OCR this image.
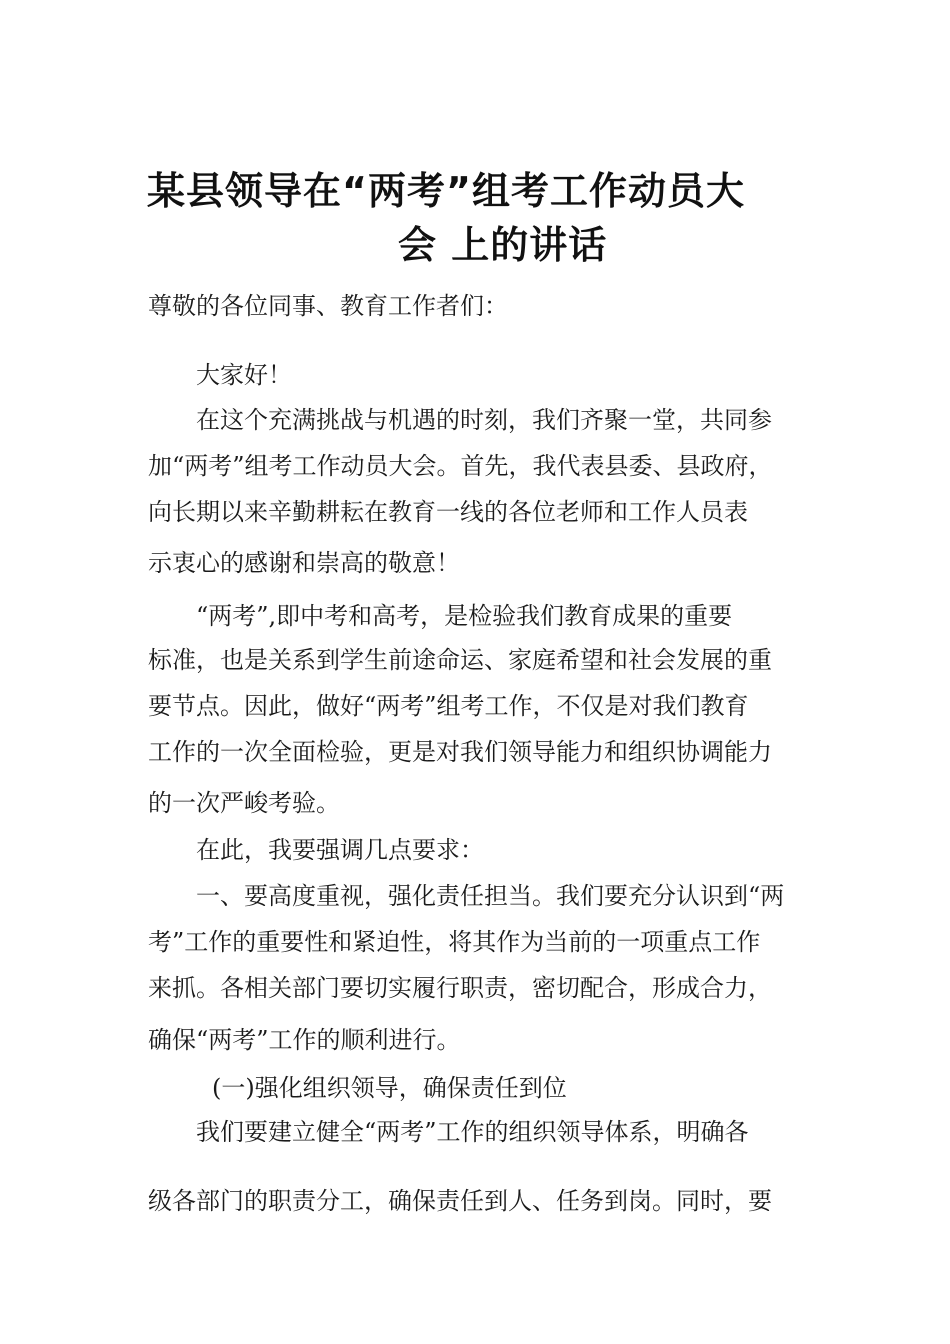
某县领导在“两考”组考工作动员大
会 上的讲话
尊敬的各位同事、教育工作者们：
大家好！
在这个充满挑战与机遇的时刻，我们齐聚一堂，共同参
加“两考”组考工作动员大会。首先，我代表县委、县政府，
向长期以来辛勤耕耘在教育一线的各位老师和工作人员表
示衷心的感谢和崇高的敬意！
“两考”,即中考和高考，是检验我们教育成果的重要
标准，也是关系到学生前途命运、家庭希望和社会发展的重
要节点。因此，做好“两考”组考工作，不仅是对我们教育
工作的一次全面检验，更是对我们领导能力和组织协调能力
的一次严峻考验。
在此，我要强调几点要求：
一、要高度重视，强化责任担当。我们要充分认识到“两
考”工作的重要性和紧迫性，将其作为当前的一项重点工作
来抓。各相关部门要切实履行职责，密切配合，形成合力，
确保“两考”工作的顺利进行。
(一)强化组织领导，确保责任到位
我们要建立健全“两考”工作的组织领导体系，明确各
级各部门的职责分工，确保责任到人、任务到岗。同时，要
